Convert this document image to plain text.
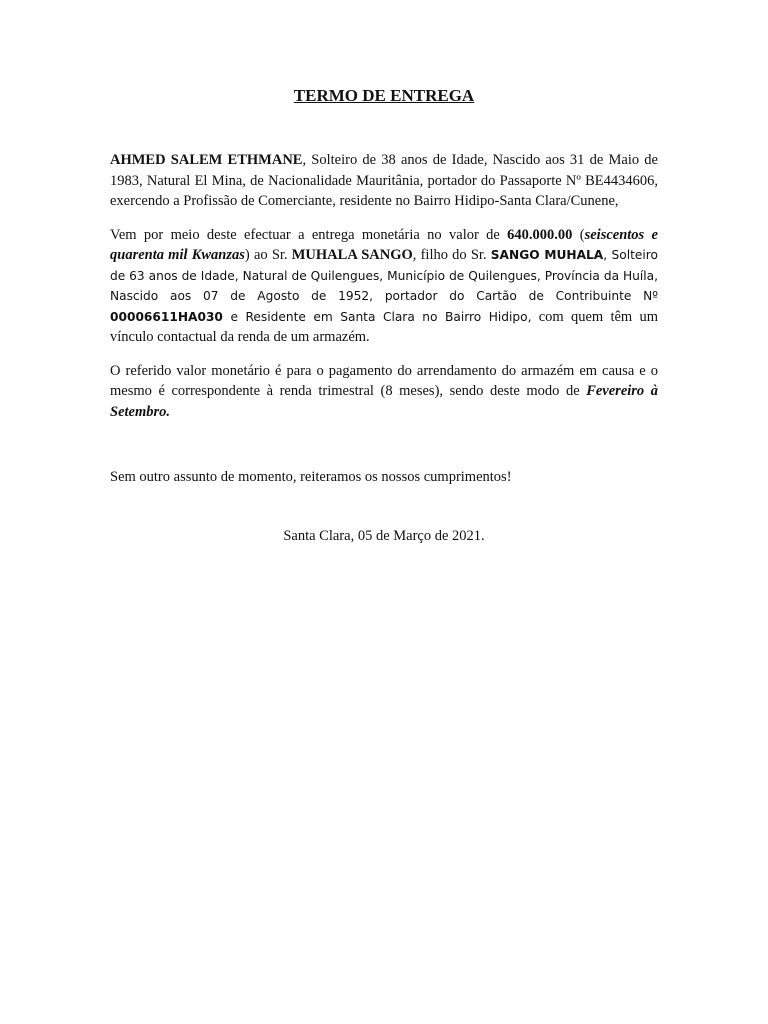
TERMO DE ENTREGA

AHMED SALEM ETHMANE, Solteiro de 38 anos de Idade, Nascido aos 31 de Maio de 1983, Natural El Mina, de Nacionalidade Mauritânia, portador do Passaporte Nº BE4434606, exercendo a Profissão de Comerciante, residente no Bairro Hidipo-Santa Clara/Cunene,

Vem por meio deste efectuar a entrega monetária no valor de 640.000.00 (seiscentos e quarenta mil Kwanzas) ao Sr. MUHALA SANGO, filho do Sr. SANGO MUHALA, Solteiro de 63 anos de Idade, Natural de Quilengues, Município de Quilengues, Província da Huíla, Nascido aos 07 de Agosto de 1952, portador do Cartão de Contribuinte Nº 00006611HA030 e Residente em Santa Clara no Bairro Hidipo, com quem têm um vínculo contactual da renda de um armazém.

O referido valor monetário é para o pagamento do arrendamento do armazém em causa e o mesmo é correspondente à renda trimestral (8 meses), sendo deste modo de Fevereiro à Setembro.

Sem outro assunto de momento, reiteramos os nossos cumprimentos!

Santa Clara, 05 de Março de 2021.
